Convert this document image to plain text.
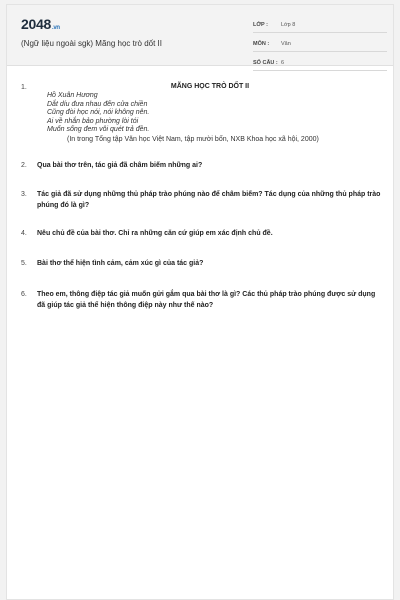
2048.vn
(Ngữ liệu ngoài sgk) Mãng học trò dốt II
LỚP :	Lớp 8
MÔN :	Văn
SỐ CÂU : 6
1.	MÃNG HỌC TRÒ DỐT II
Hồ Xuân Hương
Dắt díu đưa nhau đến cửa chiền
Cũng đòi học nói, nói không nên.
Ai về nhắn bảo phường lòi tói
Muốn sống đem vôi quét trả đền.
(In trong Tổng tập Văn học Việt Nam, tập mười bốn, NXB Khoa học xã hội, 2000)
2. Qua bài thơ trên, tác giả đã châm biếm những ai?
3. Tác giả đã sử dụng những thủ pháp trào phúng nào để châm biếm? Tác dụng của những thủ pháp trào phúng đó là gì?
4. Nêu chủ đề của bài thơ. Chỉ ra những căn cứ giúp em xác định chủ đề.
5. Bài thơ thể hiện tình cảm, cảm xúc gì của tác giả?
6. Theo em, thông điệp tác giả muốn gửi gắm qua bài thơ là gì? Các thủ pháp trào phúng được sử dụng đã giúp tác giả thể hiện thông điệp này như thế nào?
